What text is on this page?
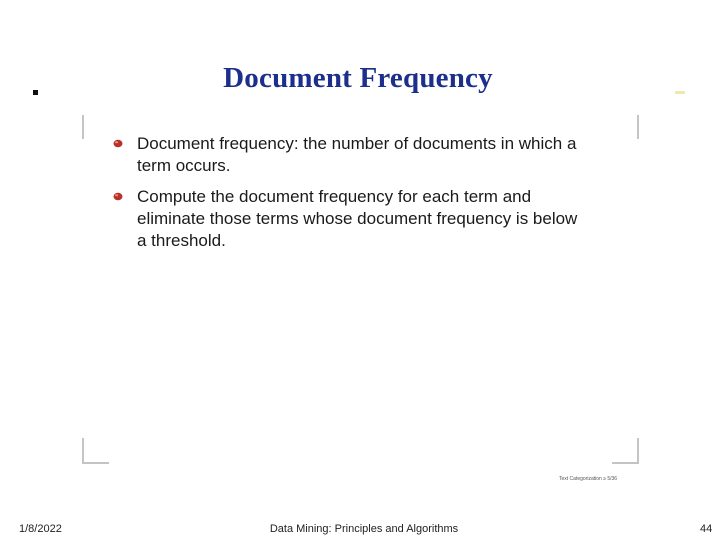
Document Frequency
Document frequency: the number of documents in which a term occurs.
Compute the document frequency for each term and eliminate those terms whose document frequency is below a threshold.
Text Categorization ≥ 5/36
1/8/2022	Data Mining: Principles and Algorithms	44
